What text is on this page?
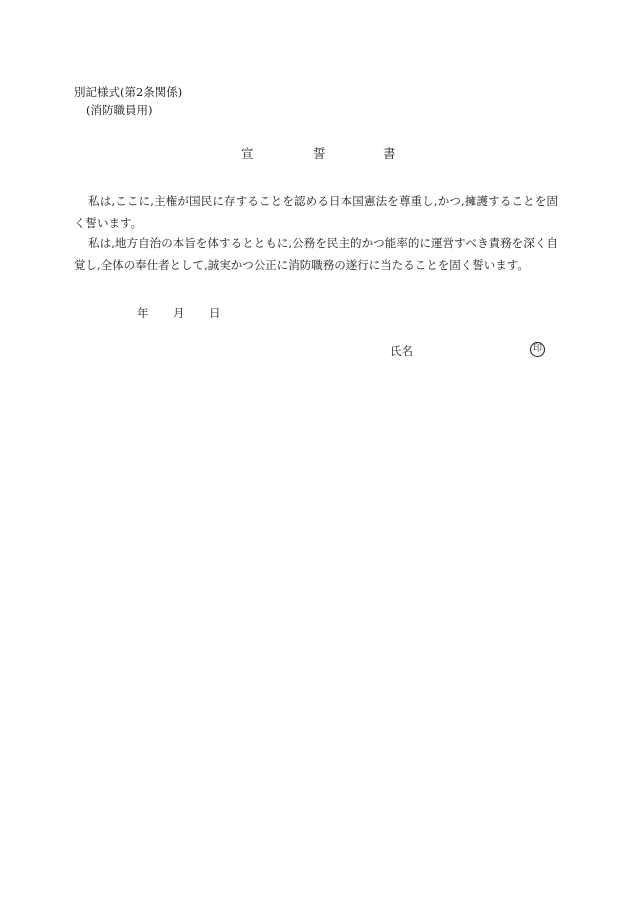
別記様式(第2条関係)
(消防職員用)
宣	誓	書
私は,ここに,主権が国民に存することを認める日本国憲法を尊重し,かつ,擁護することを固く誓います。
私は,地方自治の本旨を体するとともに,公務を民主的かつ能率的に運営すべき責務を深く自覚し,全体の奉仕者として,誠実かつ公正に消防職務の遂行に当たることを固く誓います。
年 月 日
氏名	印
